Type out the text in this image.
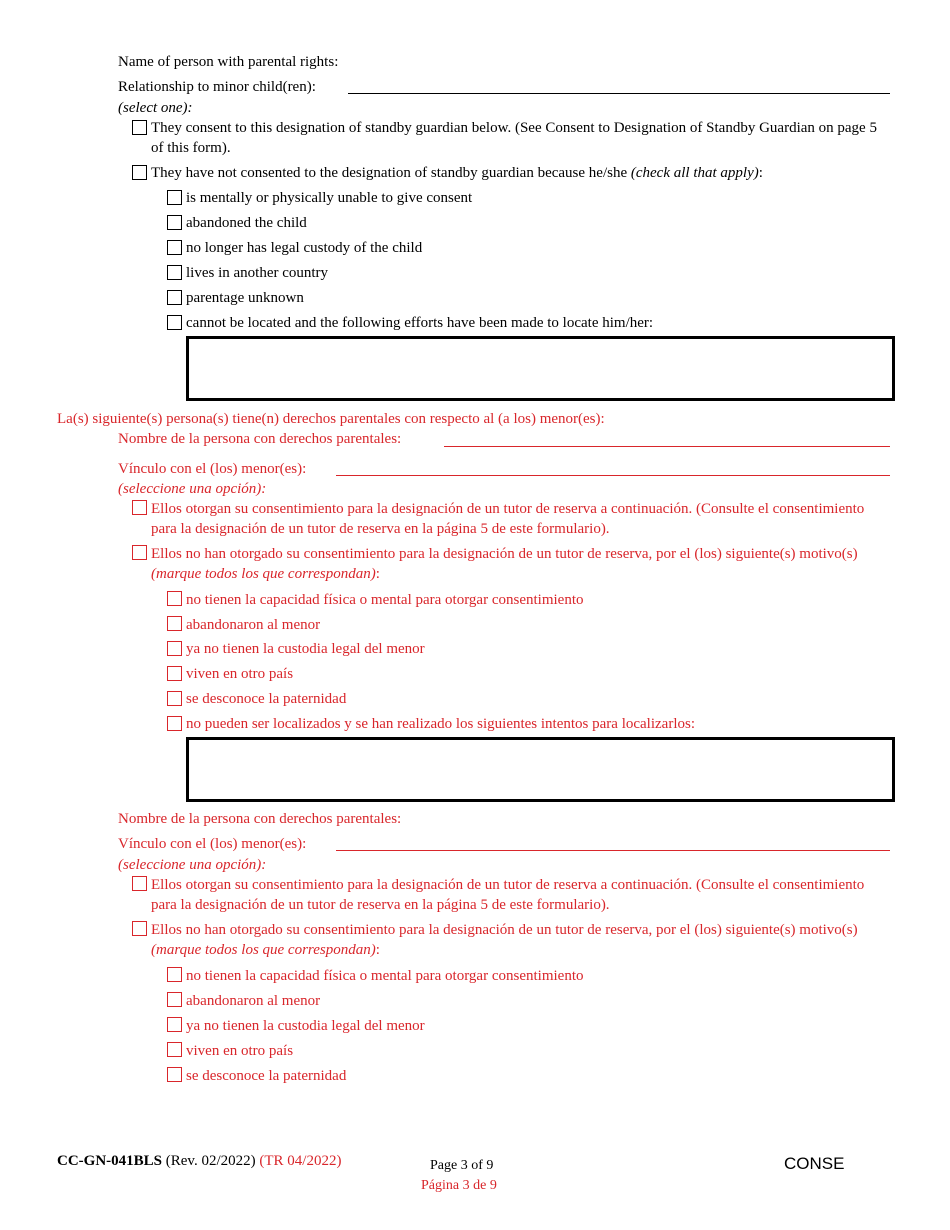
Name of person with parental rights:
Relationship to minor child(ren):
(select one):
They consent to this designation of standby guardian below. (See Consent to Designation of Standby Guardian on page 5 of this form).
They have not consented to the designation of standby guardian because he/she (check all that apply):
is mentally or physically unable to give consent
abandoned the child
no longer has legal custody of the child
lives in another country
parentage unknown
cannot be located and the following efforts have been made to locate him/her:
La(s) siguiente(s) persona(s) tiene(n) derechos parentales con respecto al (a los) menor(es):
Nombre de la persona con derechos parentales:
Vínculo con el (los) menor(es):
(seleccione una opción):
Ellos otorgan su consentimiento para la designación de un tutor de reserva a continuación. (Consulte el consentimiento para la designación de un tutor de reserva en la página 5 de este formulario).
Ellos no han otorgado su consentimiento para la designación de un tutor de reserva, por el (los) siguiente(s) motivo(s) (marque todos los que correspondan):
no tienen la capacidad física o mental para otorgar consentimiento
abandonaron al menor
ya no tienen la custodia legal del menor
viven en otro país
se desconoce la paternidad
no pueden ser localizados y se han realizado los siguientes intentos para localizarlos:
Nombre de la persona con derechos parentales:
Vínculo con el (los) menor(es):
(seleccione una opción):
Ellos otorgan su consentimiento para la designación de un tutor de reserva a continuación. (Consulte el consentimiento para la designación de un tutor de reserva en la página 5 de este formulario).
Ellos no han otorgado su consentimiento para la designación de un tutor de reserva, por el (los) siguiente(s) motivo(s) (marque todos los que correspondan):
no tienen la capacidad física o mental para otorgar consentimiento
abandonaron al menor
ya no tienen la custodia legal del menor
viven en otro país
se desconoce la paternidad
CC-GN-041BLS (Rev. 02/2022) (TR 04/2022)	Page 3 of 9
Página 3 de 9
CONSE
